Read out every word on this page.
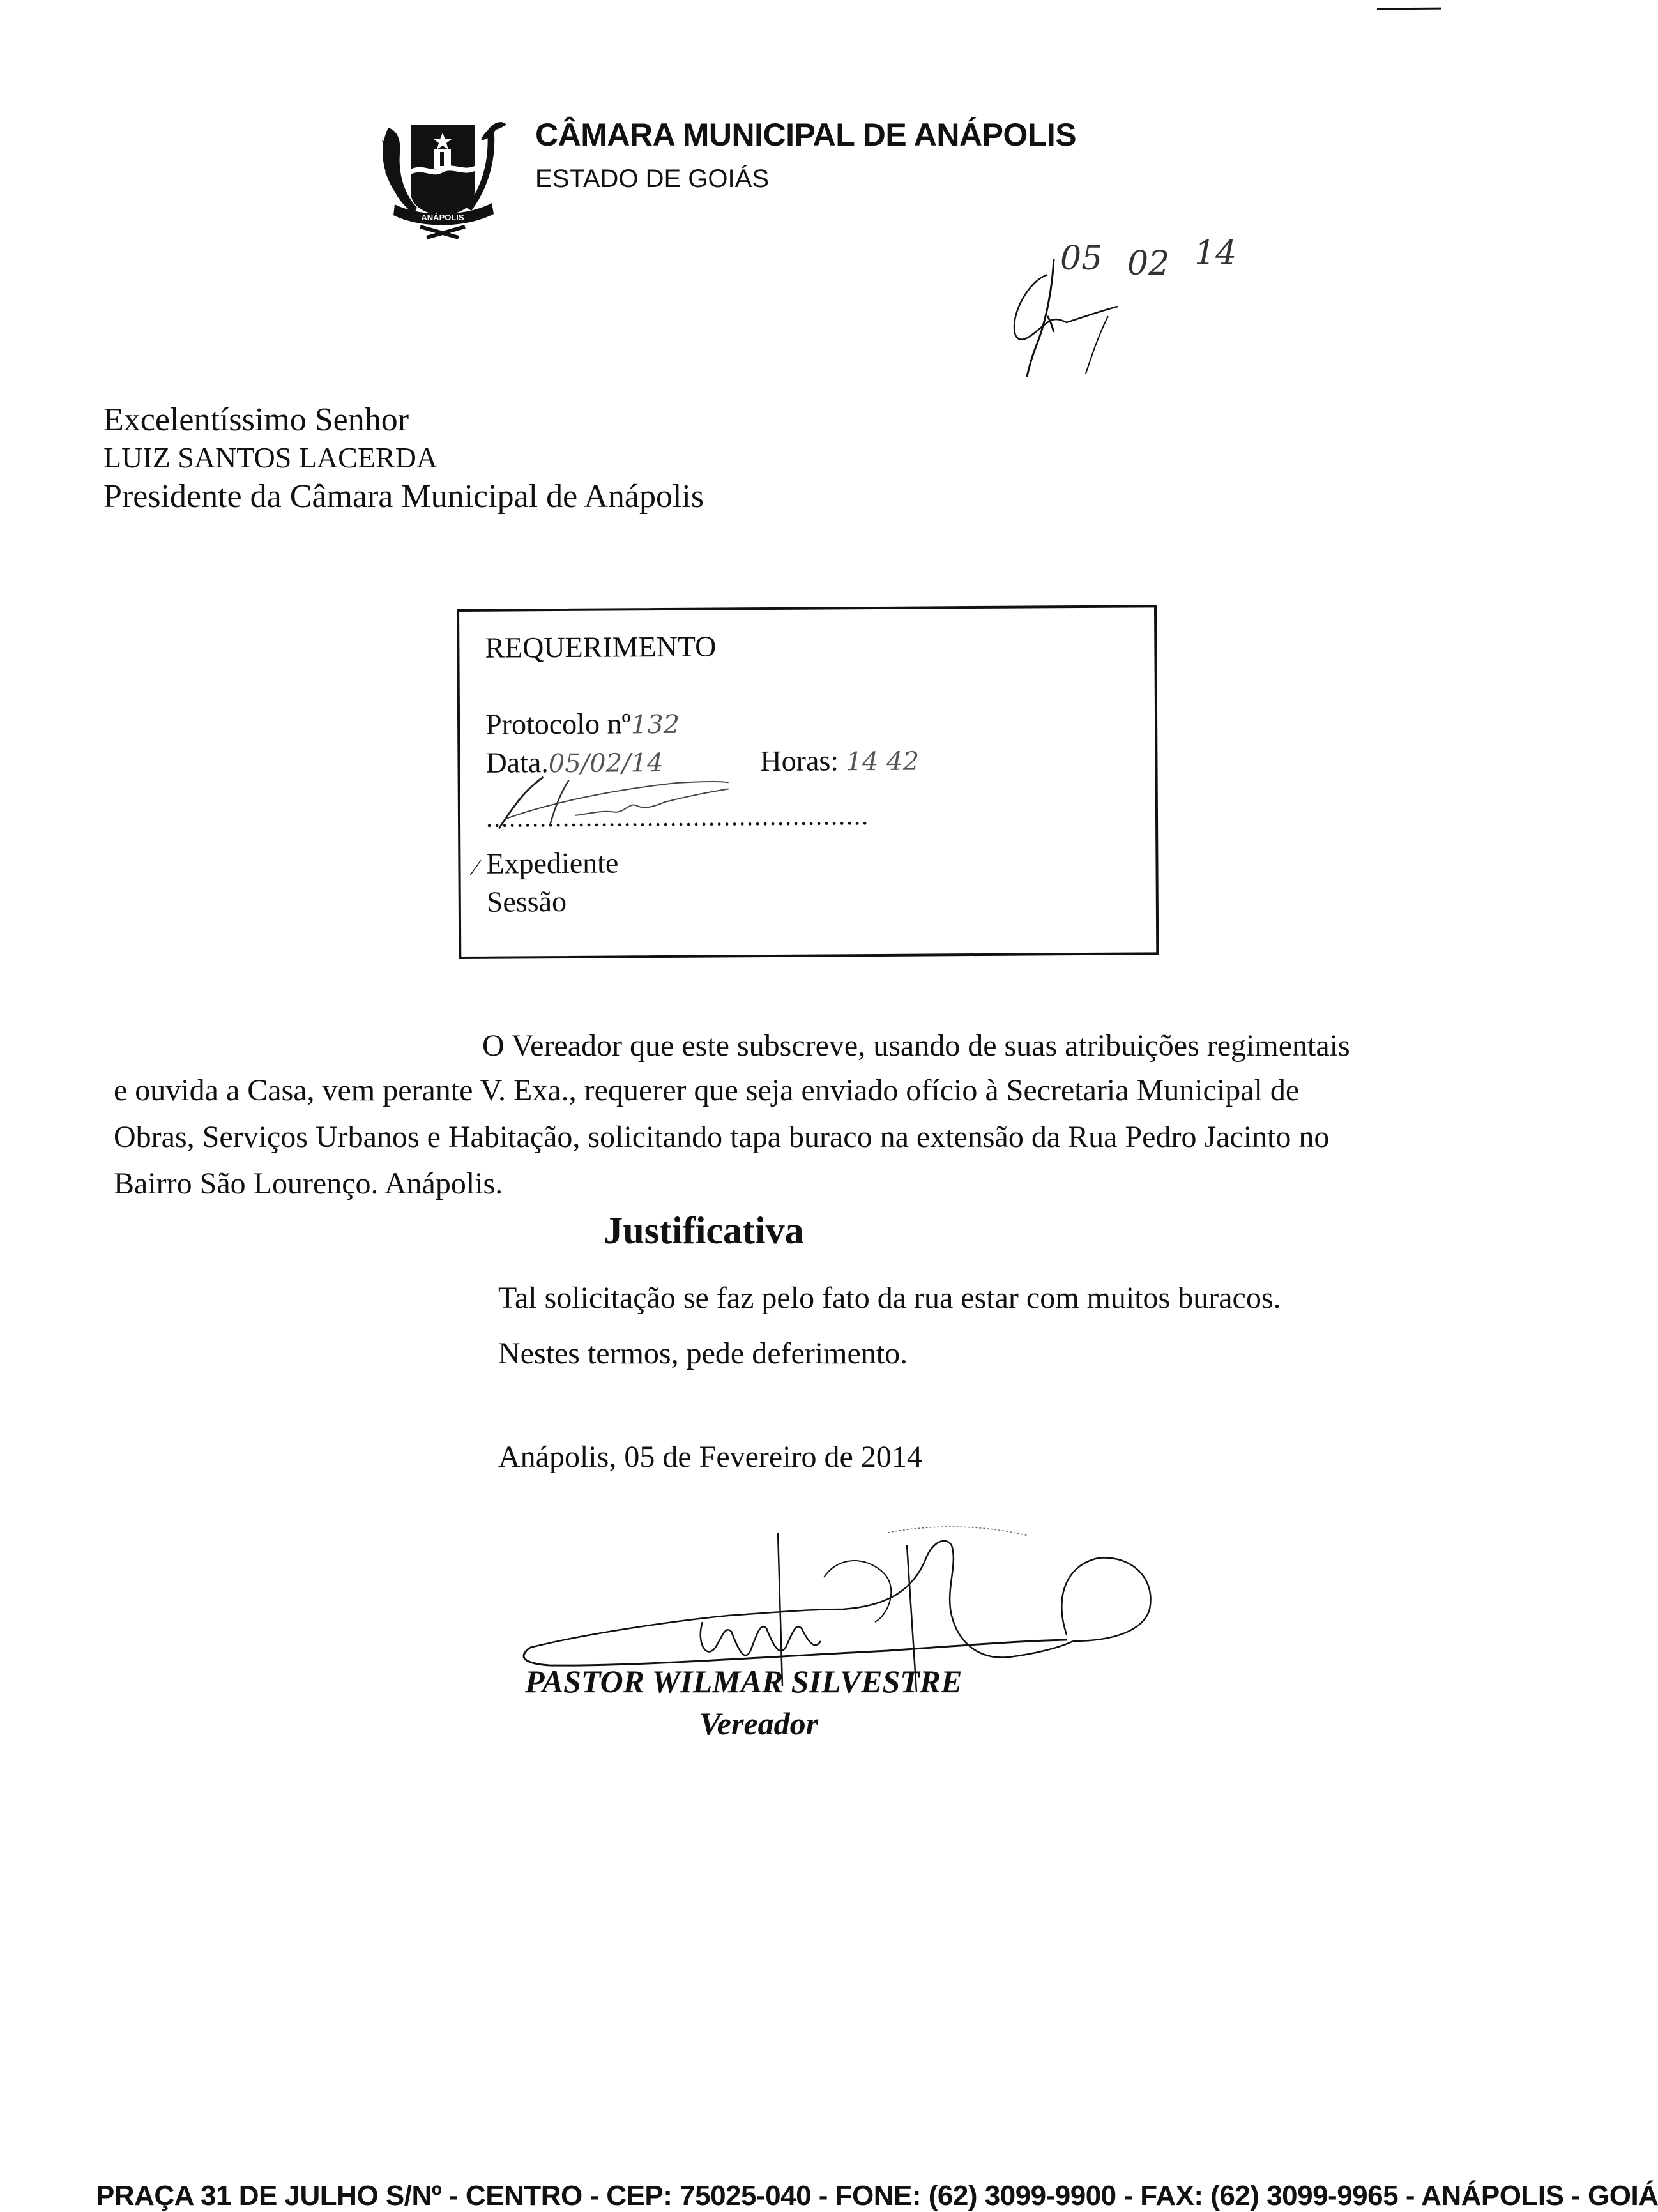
ANÁPOLIS
CÂMARA MUNICIPAL DE ANÁPOLIS
ESTADO DE GOIÁS
05 02 14
Excelentíssimo Senhor
LUIZ SANTOS LACERDA
Presidente da Câmara Municipal de Anápolis
REQUERIMENTO
Protocolo nº132
Data.05/02/14	Horas: 14 42
..................................................
⁄ Expediente
Sessão
O Vereador que este subscreve, usando de suas atribuições regimentais
e ouvida a Casa, vem perante V. Exa., requerer que seja enviado ofício à Secretaria Municipal de
Obras, Serviços Urbanos e Habitação, solicitando tapa buraco na extensão da Rua Pedro Jacinto no
Bairro São Lourenço. Anápolis.
Justificativa
Tal solicitação se faz pelo fato da rua estar com muitos buracos.
Nestes termos, pede deferimento.
Anápolis, 05 de Fevereiro de 2014
PASTOR WILMAR SILVESTRE
Vereador
PRAÇA 31 DE JULHO S/Nº - CENTRO - CEP: 75025-040 - FONE: (62) 3099-9900 - FAX: (62) 3099-9965 - ANÁPOLIS - GOIÁ
